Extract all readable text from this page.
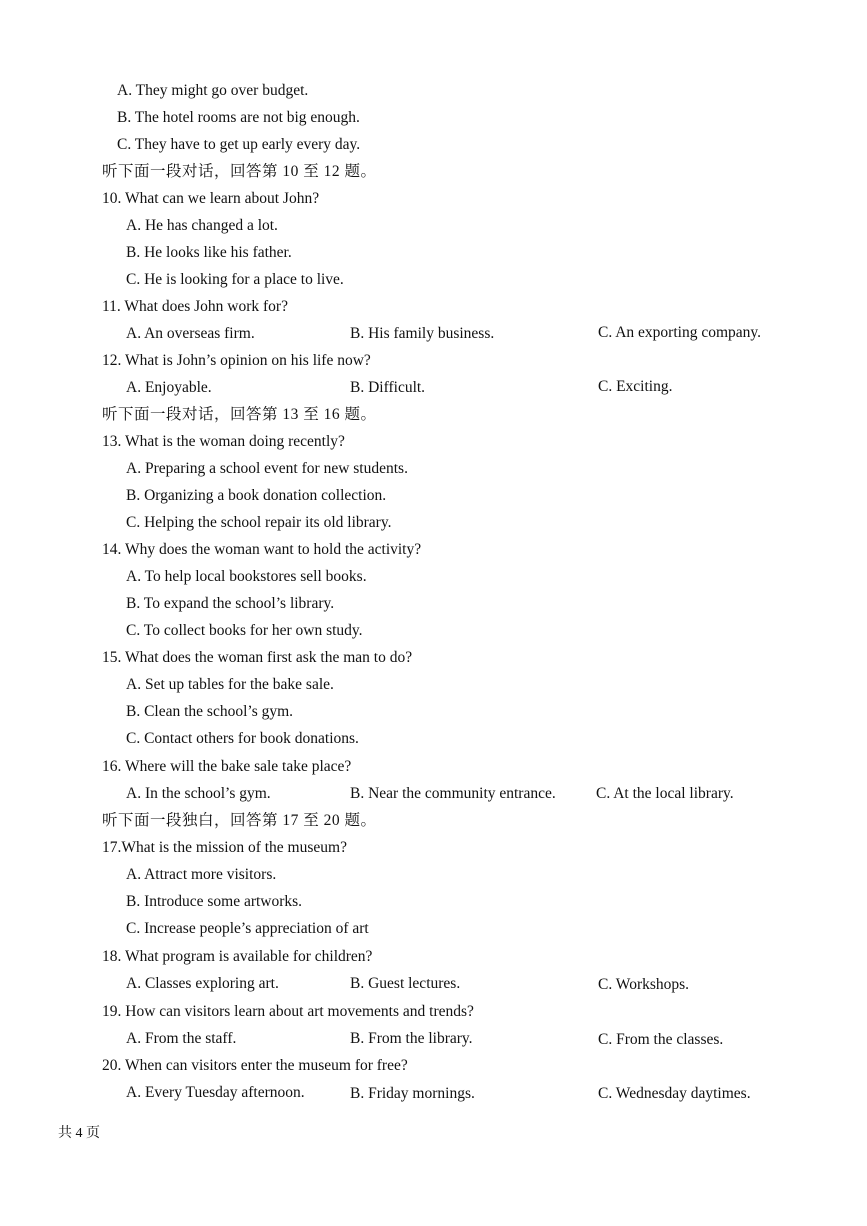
A. They might go over budget.
B. The hotel rooms are not big enough.
C. They have to get up early every day.
听下面一段对话，回答第 10 至 12 题。
10. What can we learn about John?
A. He has changed a lot.
B. He looks like his father.
C. He is looking for a place to live.
11. What does John work for?
A. An overseas firm.	B. His family business.	C. An exporting company.
12. What is John’s opinion on his life now?
A. Enjoyable.	B. Difficult.	C. Exciting.
听下面一段对话，回答第 13 至 16 题。
13. What is the woman doing recently?
A. Preparing a school event for new students.
B. Organizing a book donation collection.
C. Helping the school repair its old library.
14. Why does the woman want to hold the activity?
A. To help local bookstores sell books.
B. To expand the school’s library.
C. To collect books for her own study.
15. What does the woman first ask the man to do?
A. Set up tables for the bake sale.
B. Clean the school’s gym.
C. Contact others for book donations.
16. Where will the bake sale take place?
A. In the school’s gym.	B. Near the community entrance.	C. At the local library.
听下面一段独白，回答第 17 至 20 题。
17.What is the mission of the museum?
A. Attract more visitors.
B. Introduce some artworks.
C. Increase people’s appreciation of art
18. What program is available for children?
A. Classes exploring art.	B. Guest lectures.	C. Workshops.
19. How can visitors learn about art movements and trends?
A. From the staff.	B. From the library.	C. From the classes.
20. When can visitors enter the museum for free?
A. Every Tuesday afternoon.	B. Friday mornings.	C. Wednesday daytimes.
共 4 页
